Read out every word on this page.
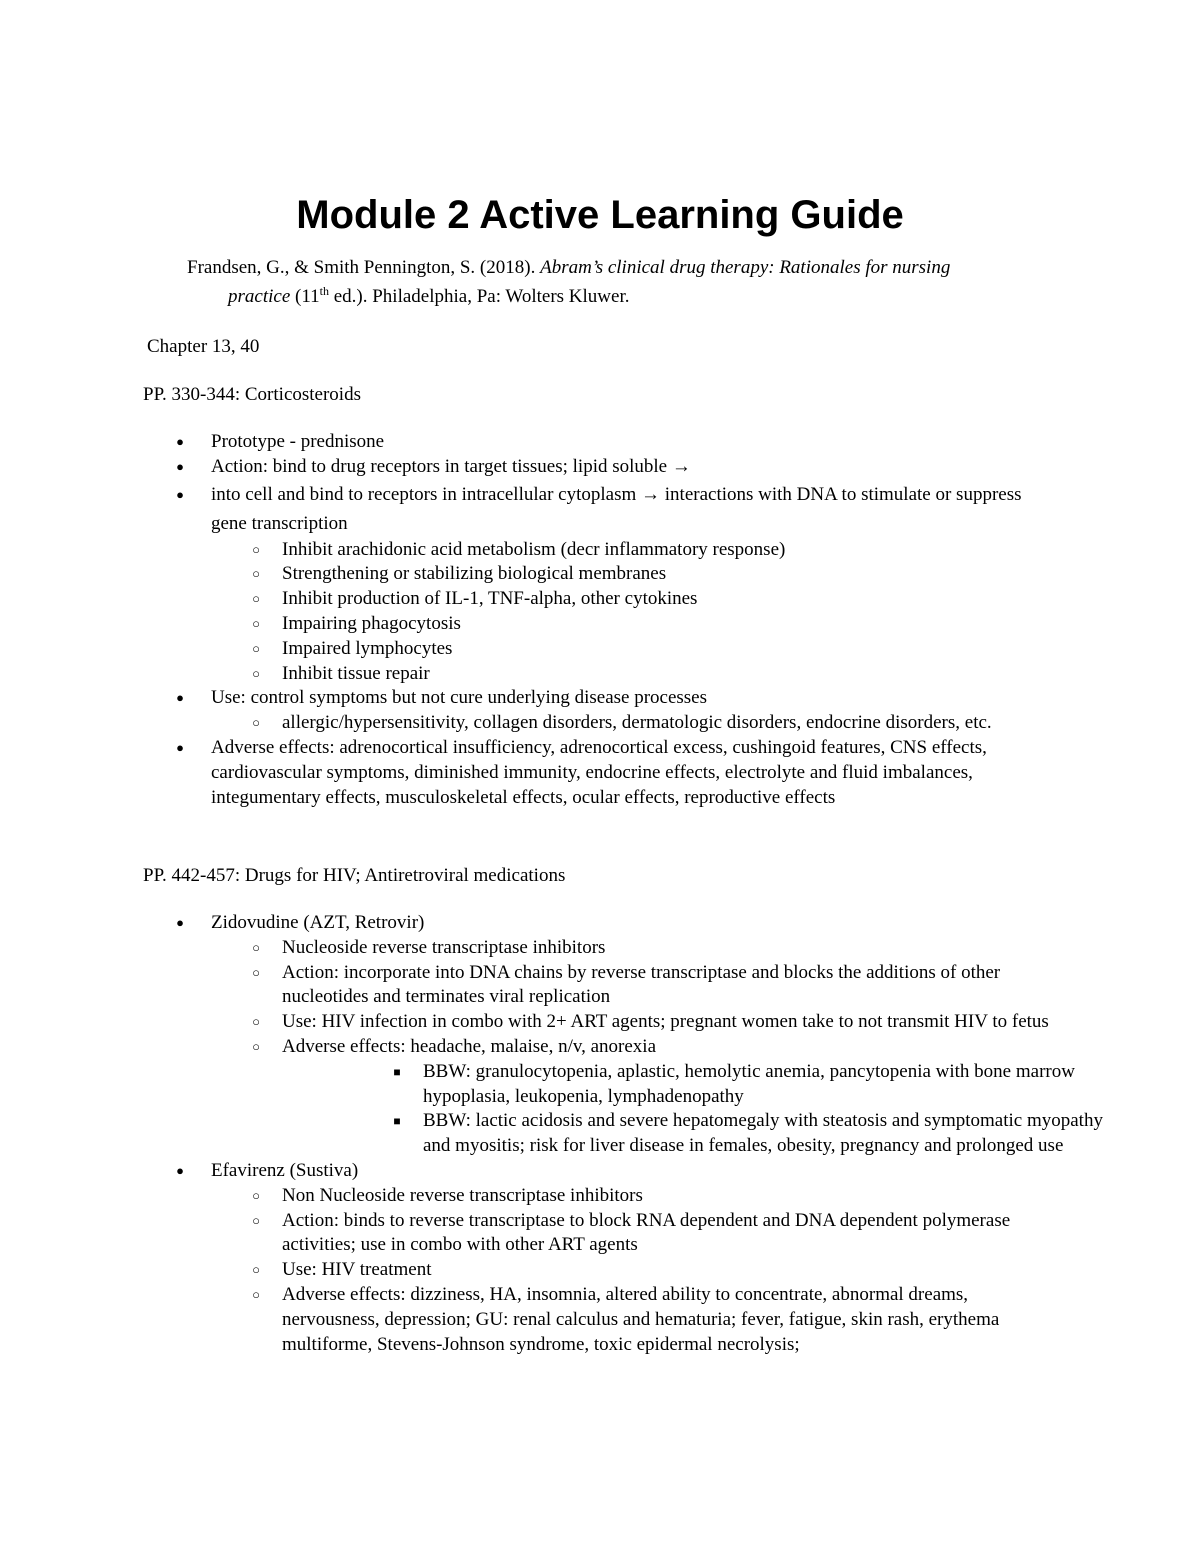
Module 2 Active Learning Guide
Frandsen, G., & Smith Pennington, S. (2018). Abram’s clinical drug therapy: Rationales for nursing
practice (11th ed.). Philadelphia, Pa: Wolters Kluwer.
Chapter 13, 40
PP. 330-344: Corticosteroids
●	Prototype - prednisone
●	Action: bind to drug receptors in target tissues; lipid soluble →
●	into cell and bind to receptors in intracellular cytoplasm → interactions with DNA to stimulate or suppress gene transcription
○	Inhibit arachidonic acid metabolism (decr inflammatory response)
○	Strengthening or stabilizing biological membranes
○	Inhibit production of IL-1, TNF-alpha, other cytokines
○	Impairing phagocytosis
○	Impaired lymphocytes
○	Inhibit tissue repair
●	Use: control symptoms but not cure underlying disease processes
○	allergic/hypersensitivity, collagen disorders, dermatologic disorders, endocrine disorders, etc.
●	Adverse effects: adrenocortical insufficiency, adrenocortical excess, cushingoid features, CNS effects, cardiovascular symptoms, diminished immunity, endocrine effects, electrolyte and fluid imbalances, integumentary effects, musculoskeletal effects, ocular effects, reproductive effects
PP. 442-457: Drugs for HIV; Antiretroviral medications
●	Zidovudine (AZT, Retrovir)
○	Nucleoside reverse transcriptase inhibitors
○	Action: incorporate into DNA chains by reverse transcriptase and blocks the additions of other nucleotides and terminates viral replication
○	Use: HIV infection in combo with 2+ ART agents; pregnant women take to not transmit HIV to fetus
○	Adverse effects: headache, malaise, n/v, anorexia
■	BBW: granulocytopenia, aplastic, hemolytic anemia, pancytopenia with bone marrow hypoplasia, leukopenia, lymphadenopathy
■	BBW: lactic acidosis and severe hepatomegaly with steatosis and symptomatic myopathy and myositis; risk for liver disease in females, obesity, pregnancy and prolonged use
●	Efavirenz (Sustiva)
○	Non Nucleoside reverse transcriptase inhibitors
○	Action: binds to reverse transcriptase to block RNA dependent and DNA dependent polymerase activities; use in combo with other ART agents
○	Use: HIV treatment
○	Adverse effects: dizziness, HA, insomnia, altered ability to concentrate, abnormal dreams, nervousness, depression; GU: renal calculus and hematuria; fever, fatigue, skin rash, erythema multiforme, Stevens-Johnson syndrome, toxic epidermal necrolysis;
